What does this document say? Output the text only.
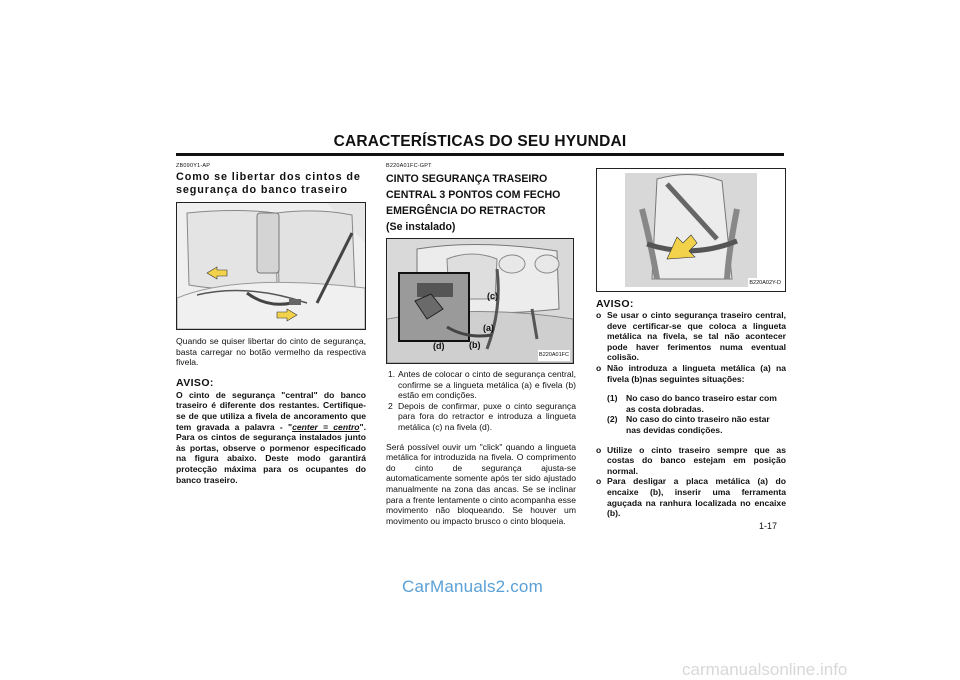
CARACTERÍSTICAS DO SEU HYUNDAI
ZB090Y1-AP
Como se libertar dos cintos de segurança do banco traseiro

Quando se quiser libertar do cinto de segurança, basta carregar no botão vermelho da respectiva fivela.

AVISO:

O cinto de segurança "central" do banco traseiro é diferente dos restantes. Certifique-se de que utiliza a fivela de ancoramento que tem gravada a palavra - "center = centro". Para os cintos de segurança instalados junto às portas, observe o pormenor especificado na figura abaixo. Deste modo garantirá protecção máxima para os ocupantes do banco traseiro.

B220A01FC-GPT
CINTO SEGURANÇA TRASEIRO
CENTRAL 3 PONTOS COM FECHO
EMERGÊNCIA DO RETRACTOR
(Se instalado)
(c)
(a)
(b)
(d)
B220A01FC
1. Antes de colocar o cinto de segurança central, confirme se a lingueta metálica (a) e fivela (b) estão em condições.
2 Depois de confirmar, puxe o cinto segurança para fora do retractor e introduza a lingueta metálica (c) na fivela (d).

Será possível ouvir um "click" quando a lingueta metálica for introduzida na fivela. O comprimento do cinto de segurança ajusta-se automaticamente somente após ter sido ajustado manualmente na zona das ancas. Se se inclinar para a frente lentamente o cinto acompanha esse movimento não bloqueando. Se houver um movimento ou impacto brusco o cinto bloqueia.

B220A02Y-D
AVISO:
o Se usar o cinto segurança traseiro central, deve certificar-se que coloca a lingueta metálica na fivela, se tal não acontecer pode haver ferimentos numa eventual colisão.
o Não introduza a lingueta metálica (a) na fivela (b)nas seguintes situações:
(1) No caso do banco traseiro estar com as costa dobradas.
(2) No caso do cinto traseiro não estar nas devidas condições.
o Utilize o cinto traseiro sempre que as costas do banco estejam em posição normal.
o Para desligar a placa metálica (a) do encaixe (b), inserir uma ferramenta aguçada na ranhura localizada no encaixe (b).
1-17
CarManuals2.com
carmanualsonline.info
